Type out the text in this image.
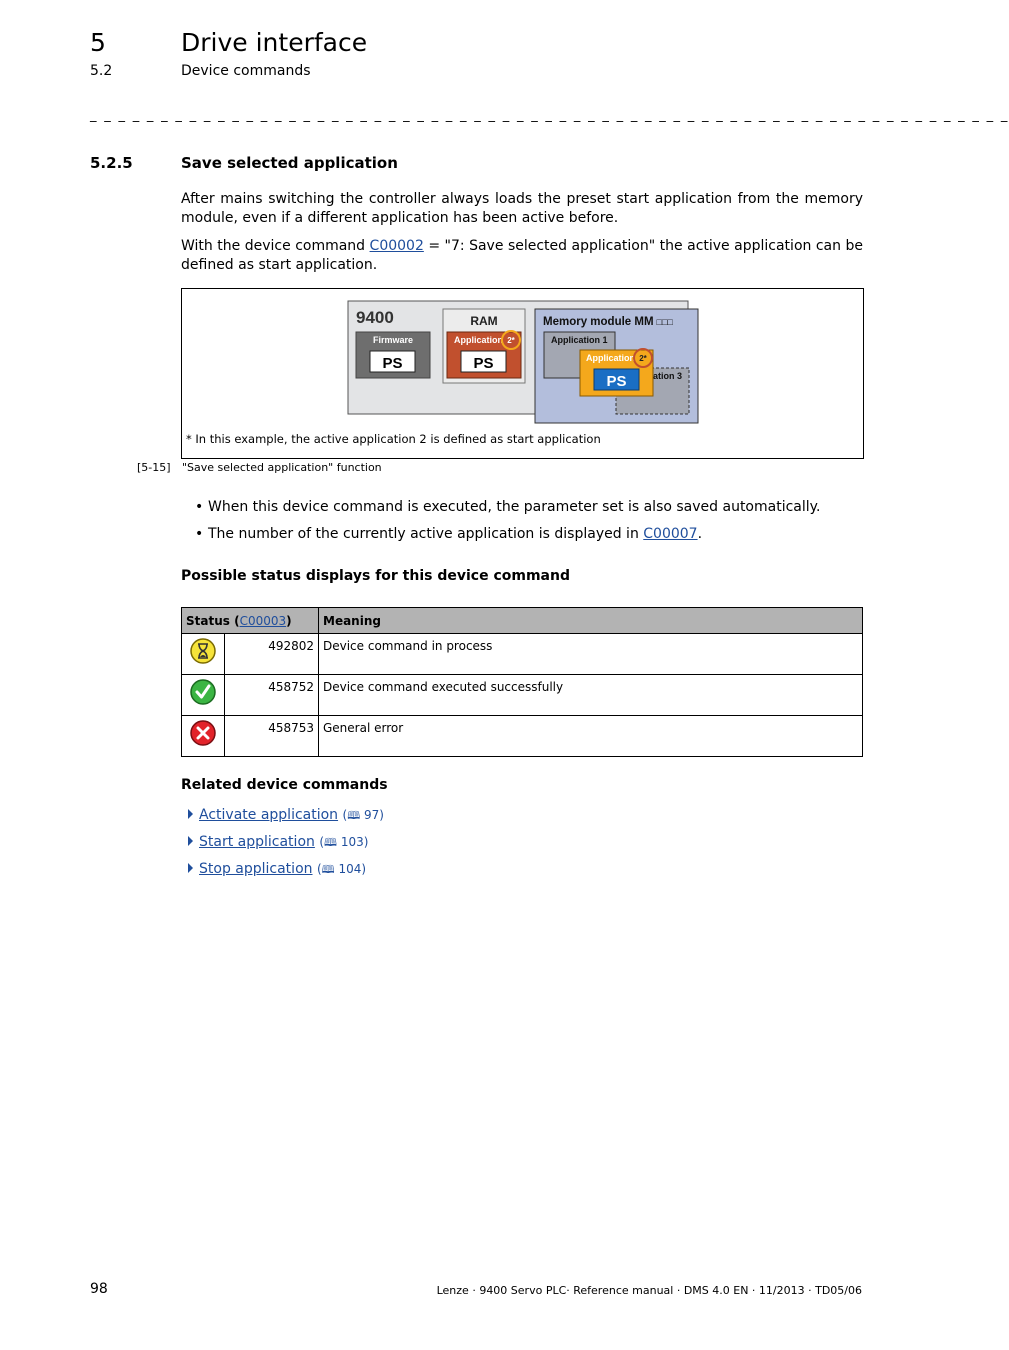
5	Drive interface
5.2	Device commands
_ _ _ _ _ _ _ _ _ _ _ _ _ _ _ _ _ _ _ _ _ _ _ _ _ _ _ _ _ _ _ _ _ _ _ _ _ _ _ _ _ _ _ _ _ _ _ _ _ _ _ _ _ _ _ _ _ _ _ _ _ _ _ _ _
5.2.5	Save selected application
After mains switching the controller always loads the preset start application from the memory module, even if a different application has been active before.
With the device command C00002 = "7: Save selected application" the active application can be defined as start application.
9400
Firmware
PS
RAM
Application 2*
PS
Memory module MM □□□
Application 1
ation 3
Application 2*
PS
* In this example, the active application 2 is defined as start application
[5-15] "Save selected application" function
• When this device command is executed, the parameter set is also saved automatically.
• The number of the currently active application is displayed in C00007.
Possible status displays for this device command
Status (C00003)		Meaning
	492802	Device command in process
	458752	Device command executed successfully
	458753	General error
Related device commands
Activate application (🕮 97)
Start application (🕮 103)
Stop application (🕮 104)
98	Lenze · 9400 Servo PLC· Reference manual · DMS 4.0 EN · 11/2013 · TD05/06
